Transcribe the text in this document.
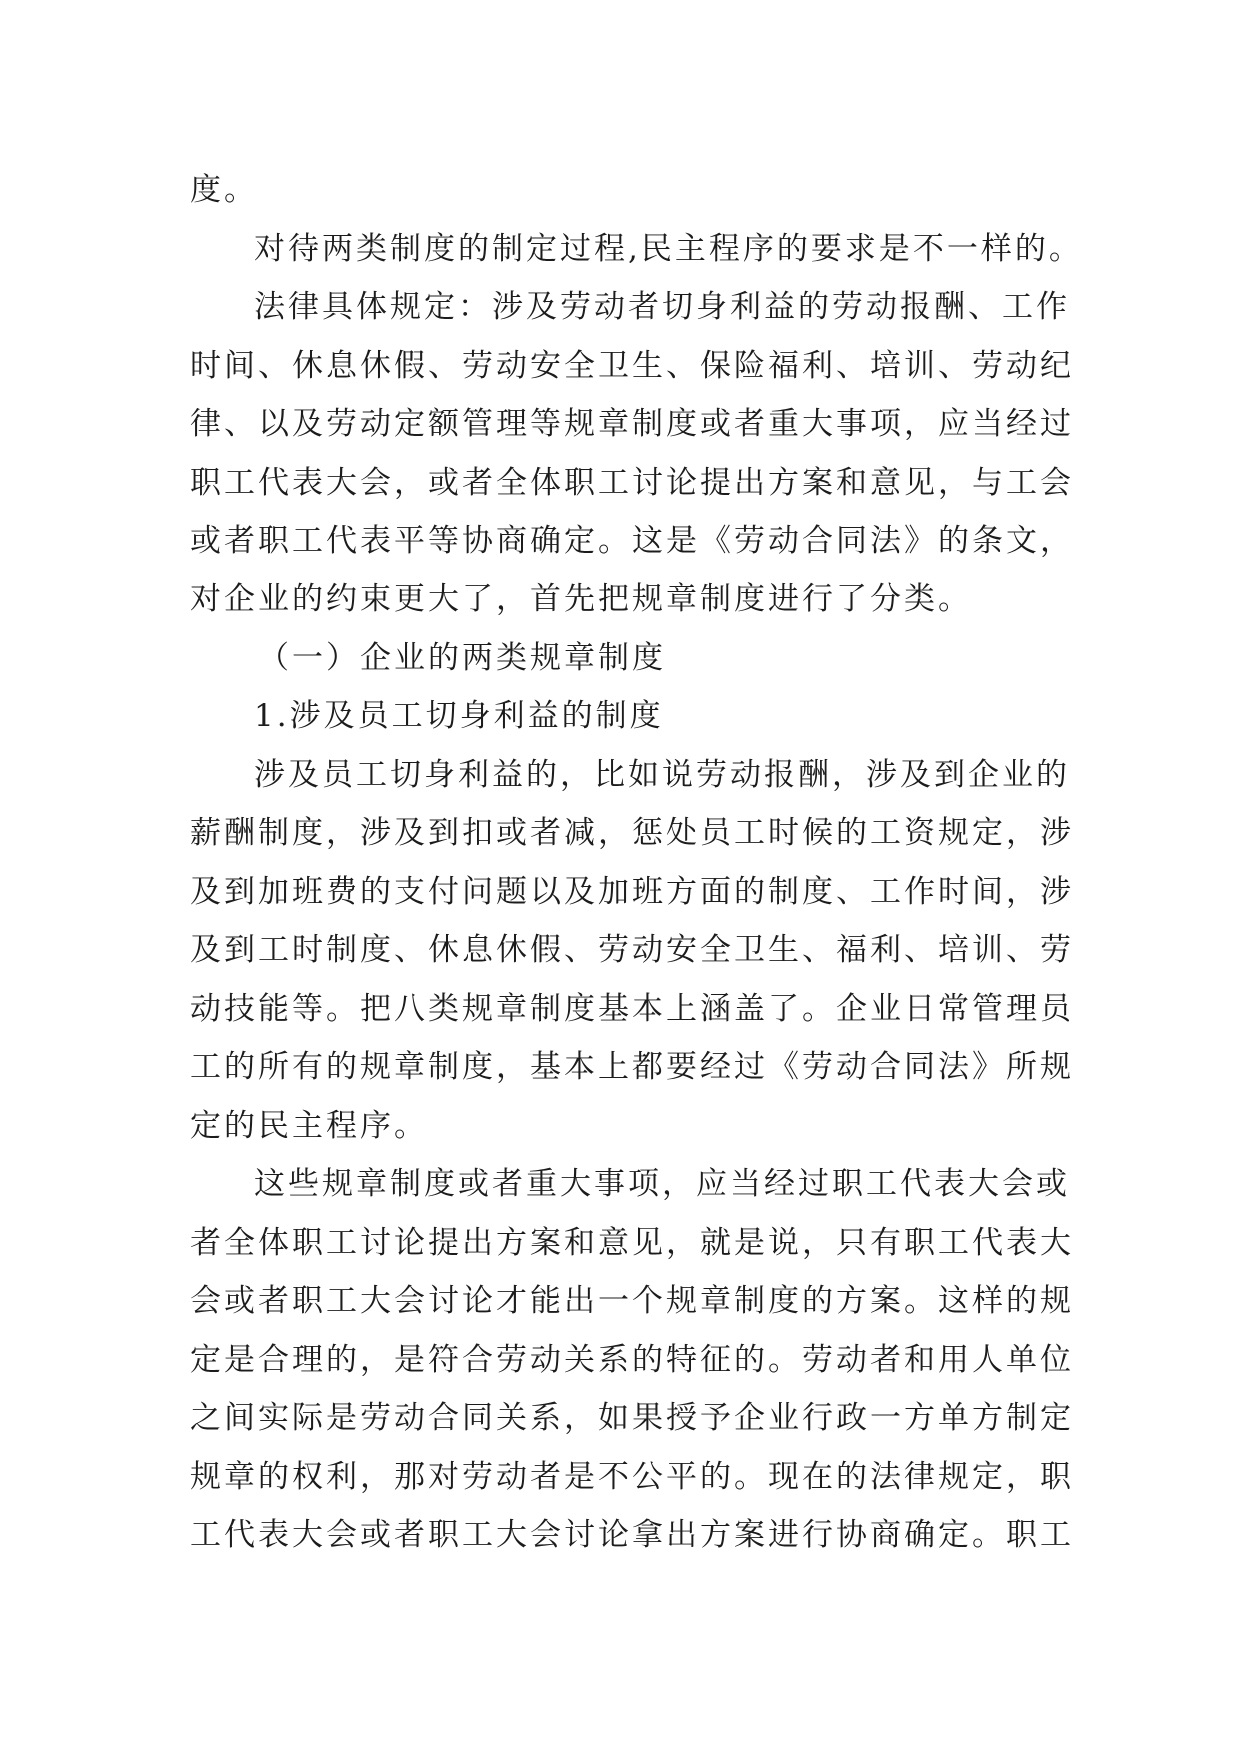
度。
对待两类制度的制定过程,民主程序的要求是不一样的。
法律具体规定：涉及劳动者切身利益的劳动报酬、工作
时间、休息休假、劳动安全卫生、保险福利、培训、劳动纪
律、以及劳动定额管理等规章制度或者重大事项，应当经过
职工代表大会，或者全体职工讨论提出方案和意见，与工会
或者职工代表平等协商确定。这是《劳动合同法》的条文，
对企业的约束更大了，首先把规章制度进行了分类。
（一）企业的两类规章制度
1.涉及员工切身利益的制度
涉及员工切身利益的，比如说劳动报酬，涉及到企业的
薪酬制度，涉及到扣或者减，惩处员工时候的工资规定，涉
及到加班费的支付问题以及加班方面的制度、工作时间，涉
及到工时制度、休息休假、劳动安全卫生、福利、培训、劳
动技能等。把八类规章制度基本上涵盖了。企业日常管理员
工的所有的规章制度，基本上都要经过《劳动合同法》所规
定的民主程序。
这些规章制度或者重大事项，应当经过职工代表大会或
者全体职工讨论提出方案和意见，就是说，只有职工代表大
会或者职工大会讨论才能出一个规章制度的方案。这样的规
定是合理的，是符合劳动关系的特征的。劳动者和用人单位
之间实际是劳动合同关系，如果授予企业行政一方单方制定
规章的权利，那对劳动者是不公平的。现在的法律规定，职
工代表大会或者职工大会讨论拿出方案进行协商确定。职工
